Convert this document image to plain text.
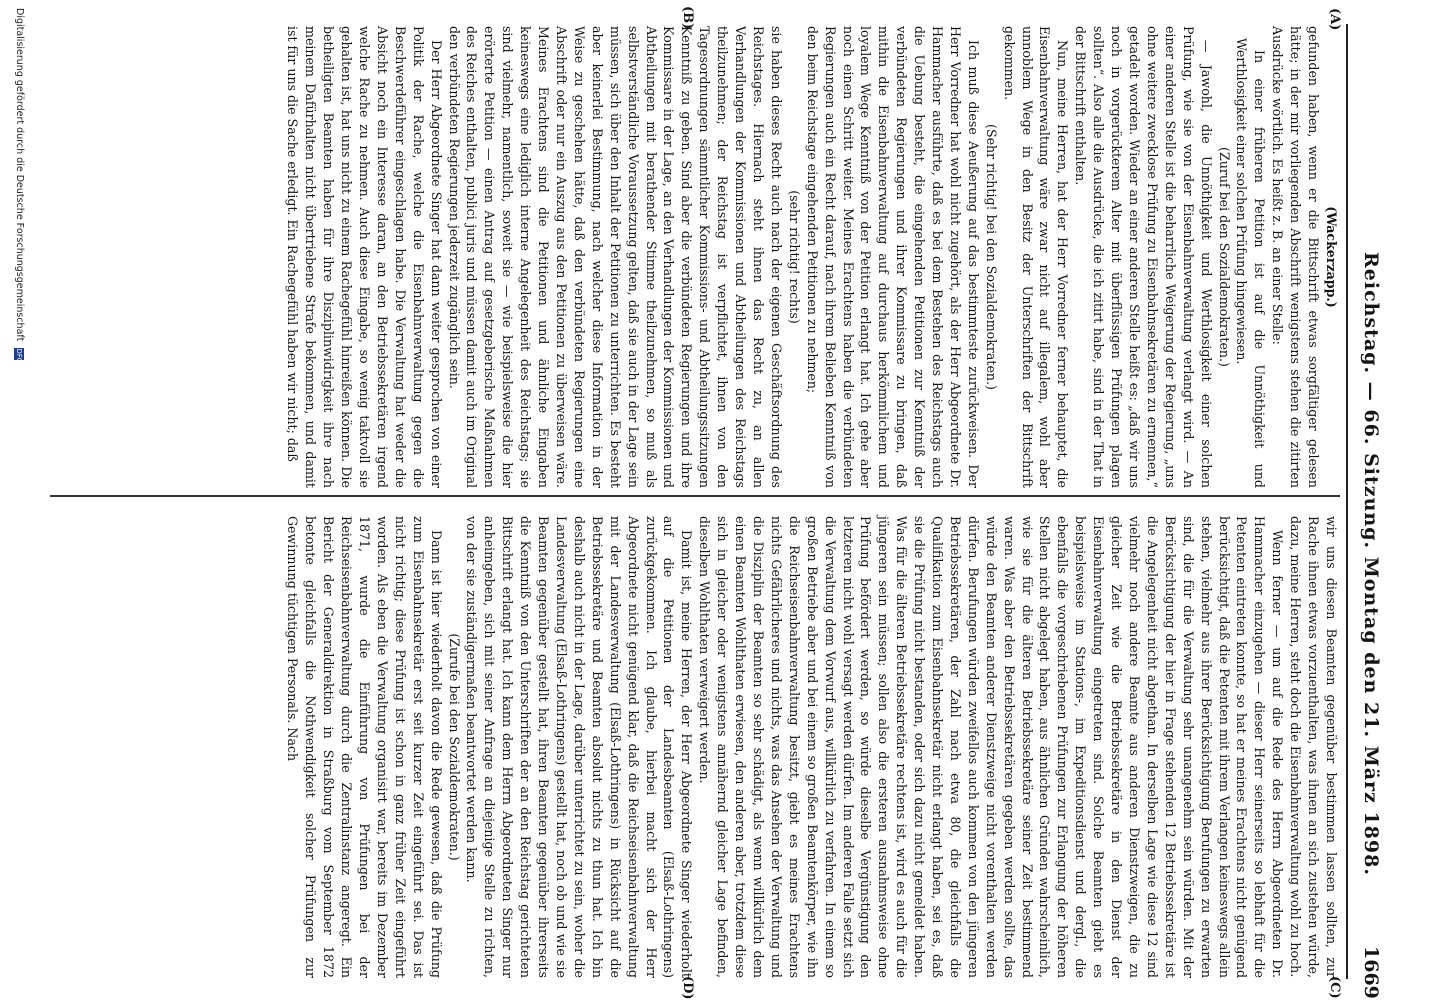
Reichstag. — 66. Sitzung. Montag den 21. März 1898.
1669
(A)
(B)
(C)
(D)

(Wackerzapp.)

gefunden haben, wenn er die Bittschrift etwas sorgfältiger gelesen hätte; in der mir vorliegenden Abschrift wenigstens stehen die zitirten Ausdrücke wörtlich. Es heißt z. B. an einer Stelle:

In einer früheren Petition ist auf die Unnöthigkeit und Werthlosigkeit einer solchen Prüfung hingewiesen.

(Zuruf bei den Sozialdemokraten.)

— Jawohl, die Unnöthigkeit und Werthlosigkeit einer solchen Prüfung, wie sie von der Eisenbahnverwaltung verlangt wird. — An einer anderen Stelle ist die beharrliche Weigerung der Regierung, „uns ohne weitere zwecklose Prüfung zu Eisenbahnsekretären zu ernennen,“ getadelt worden. Wieder an einer anderen Stelle heißt es: „daß wir uns noch in vorgerückterem Alter mit überflüssigen Prüfungen plagen sollten“. Also alle die Ausdrücke, die ich zitirt habe, sind in der That in der Bittschrift enthalten.

Nun, meine Herren, hat der Herr Vorredner ferner behauptet, die Eisenbahnverwaltung wäre zwar nicht auf illegalem, wohl aber unnoblem Wege in den Besitz der Unterschriften der Bittschrift gekommen.

(Sehr richtig! bei den Sozialdemokraten.)

Ich muß diese Aeußerung auf das bestimmteste zurückweisen. Der Herr Vorredner hat wohl nicht zugehört, als der Herr Abgeordnete Dr. Hammacher ausführte, daß es bei dem Bestehen des Reichstags auch die Uebung besteht, die eingehenden Petitionen zur Kenntniß der verbündeten Regierungen und ihrer Kommissare zu bringen, daß mithin die Eisenbahnverwaltung auf durchaus herkömmlichem und loyalem Wege Kenntniß von der Petition erlangt hat. Ich gehe aber noch einen Schritt weiter. Meines Erachtens haben die verbündeten Regierungen auch ein Recht darauf, nach ihrem Belieben Kenntniß von den beim Reichstage eingehenden Petitionen zu nehmen;

(sehr richtig! rechts)

sie haben dieses Recht auch nach der eigenen Geschäftsordnung des Reichstages. Hiernach steht ihnen das Recht zu, an allen Verhandlungen der Kommissionen und Abtheilungen des Reichstags theilzunehmen; der Reichstag ist verpflichtet, ihnen von den Tagesordnungen sämmtlicher Kommissions- und Abtheilungssitzungen Kenntniß zu geben. Sind aber die verbündeten Regierungen und ihre Kommissare in der Lage, an den Verhandlungen der Kommissionen und Abtheilungen mit berathender Stimme theilzunehmen, so muß als selbstverständliche Voraussetzung gelten, daß sie auch in der Lage sein müssen, sich über den Inhalt der Petitionen zu unterrichten. Es besteht aber keinerlei Bestimmung, nach welcher diese Information in der Weise zu geschehen hätte, daß den verbündeten Regierungen eine Abschrift oder nur ein Auszug aus den Petitionen zu überweisen wäre. Meines Erachtens sind die Petitionen und ähnliche Eingaben keineswegs eine lediglich interne Angelegenheit des Reichstags; sie sind vielmehr, namentlich, soweit sie — wie beispielsweise die hier erörterte Petition — einen Antrag auf gesetzgeberische Maßnahmen des Reiches enthalten, publici juris und müssen damit auch im Original den verbündeten Regierungen jederzeit zugänglich sein.

Der Herr Abgeordnete Singer hat dann weiter gesprochen von einer Politik der Rache, welche die Eisenbahnverwaltung gegen die Beschwerdeführer eingeschlagen habe. Die Verwaltung hat weder die Absicht noch ein Interesse daran, an den Betriebssekretären irgend welche Rache zu nehmen. Auch diese Eingabe, so wenig taktvoll sie gehalten ist, hat uns nicht zu einem Rachegefühl hinreißen können. Die betheiligten Beamten haben für ihre Disziplinwidrigkeit ihre nach meinem Dafürhalten nicht übertriebene Strafe bekommen, und damit ist für uns die Sache erledigt. Ein Rachegefühl haben wir nicht; daß

wir uns diesen Beamten gegenüber bestimmen lassen sollten, zur Rache ihnen etwas vorzuenthalten, was ihnen an sich zustehen würde, dazu, meine Herren, steht doch die Eisenbahnverwaltung wohl zu hoch.

Wenn ferner — um auf die Rede des Herrn Abgeordneten Dr. Hammacher einzugehen — dieser Herr seinerseits so lebhaft für die Petenten eintreten konnte, so hat er meines Erachtens nicht genügend berücksichtigt, daß die Petenten mit ihrem Verlangen keineswegs allein stehen, vielmehr aus ihrer Berücksichtigung Berufungen zu erwarten sind, die für die Verwaltung sehr unangenehm sein würden. Mit der Berücksichtigung der hier in Frage stehenden 12 Betriebssekretäre ist die Angelegenheit nicht abgethan. In derselben Lage wie diese 12 sind vielmehr noch andere Beamte aus anderen Dienstzweigen, die zu gleicher Zeit wie die Betriebssekretäre in den Dienst der Eisenbahnverwaltung eingetreten sind. Solche Beamten giebt es beispielsweise im Stations-, im Expeditionsdienst und dergl., die ebenfalls die vorgeschriebenen Prüfungen zur Erlangung der höheren Stellen nicht abgelegt haben, aus ähnlichen Gründen wahrscheinlich, wie sie für die älteren Betriebssekretäre seiner Zeit bestimmend waren. Was aber den Betriebssekretären gegeben werden sollte, das würde den Beamten anderer Dienstzweige nicht vorenthalten werden dürfen. Berufungen würden zweifellos auch kommen von den jüngeren Betriebssekretären, der Zahl nach etwa 80, die gleichfalls die Qualifikation zum Eisenbahnsekretär nicht erlangt haben, sei es, daß sie die Prüfung nicht bestanden, oder sich dazu nicht gemeldet haben. Was für die älteren Betriebssekretäre rechtens ist, wird es auch für die jüngeren sein müssen; sollen also die ersteren ausnahmsweise ohne Prüfung befördert werden, so würde dieselbe Vergünstigung den letzteren nicht wohl versagt werden dürfen. Im anderen Falle setzt sich die Verwaltung dem Vorwurf aus, willkürlich zu verfahren. In einem so großen Betriebe aber und bei einem so großen Beamtenkörper, wie ihn die Reichseisenbahnverwaltung besitzt, giebt es meines Erachtens nichts Gefährlicheres und nichts, was das Ansehen der Verwaltung und die Disziplin der Beamten so sehr schädigt, als wenn willkürlich dem einen Beamten Wohlthaten erwiesen, den anderen aber, trotzdem diese sich in gleicher oder wenigstens annähernd gleicher Lage befinden, dieselben Wohlthaten verweigert werden.

Damit ist, meine Herren, der Herr Abgeordnete Singer wiederholt auf die Petitionen der Landesbeamten (Elsaß-Lothringens) zurückgekommen. Ich glaube, hierbei macht sich der Herr Abgeordnete nicht genügend klar, daß die Reichseisenbahnverwaltung mit der Landesverwaltung (Elsaß-Lothringens) in Rücksicht auf die Betriebssekretäre und Beamten absolut nichts zu thun hat. Ich bin deshalb auch nicht in der Lage, darüber unterrichtet zu sein, woher die Landesverwaltung (Elsaß-Lothringens) gestellt hat, noch ob und wie sie Beamten gegenüber gestellt hat, ihren Beamten gegenüber ihrerseits die Kenntniß von den Unterschriften der an den Reichstag gerichteten Bittschrift erlangt hat. Ich kann dem Herrn Abgeordneten Singer nur anheimgeben, sich mit seiner Anfrage an diejenige Stelle zu richten, von der sie zuständigermaßen beantwortet werden kann.

(Zurufe bei den Sozialdemokraten.)

Dann ist hier wiederholt davon die Rede gewesen, daß die Prüfung zum Eisenbahnsekretär erst seit kurzer Zeit eingeführt sei. Das ist nicht richtig; diese Prüfung ist schon in ganz früher Zeit eingeführt worden. Als eben die Verwaltung organisirt war, bereits im Dezember 1871, wurde die Einführung von Prüfungen bei der Reichseisenbahnverwaltung durch die Zentralinstanz angeregt. Ein Bericht der Generaldirektion in Straßburg vom September 1872 betonte gleichfalls die Nothwendigkeit solcher Prüfungen zur Gewinnung tüchtigen Personals. Nach

Digitalisierung gefördert durch die Deutsche Forschungsgemeinschaft DFG
